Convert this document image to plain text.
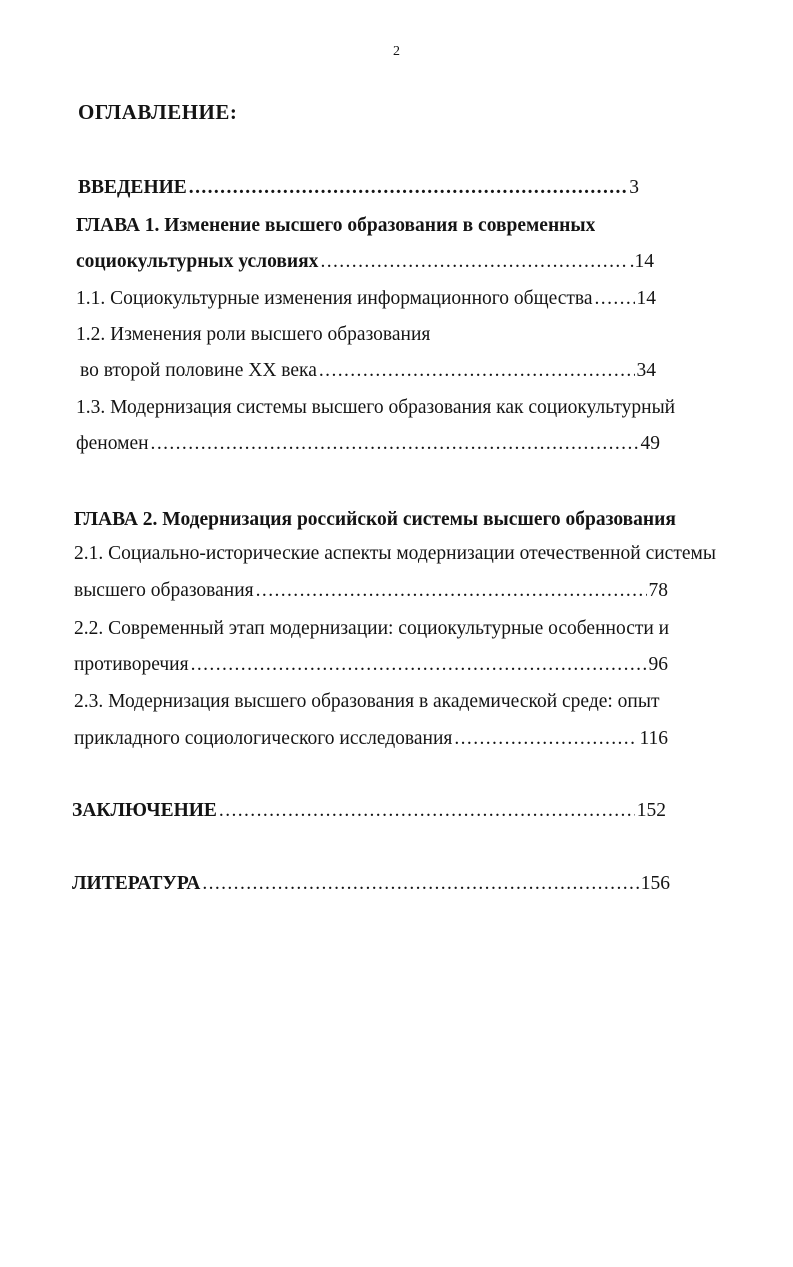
2
ОГЛАВЛЕНИЕ:
ВВЕДЕНИЕ .....	3
ГЛАВА 1. Изменение высшего образования в современных
социокультурных условиях .....	.14
1.1. Социокультурные изменения информационного общества ..... 14
1.2. Изменения роли высшего образования
во второй половине XX века .....	34
1.3. Модернизация системы высшего образования как социокультурный
феномен .....	49
ГЛАВА 2. Модернизация российской системы высшего образования
2.1. Социально-исторические аспекты модернизации отечественной системы
высшего образования .....	78
2.2. Современный этап модернизации: социокультурные особенности и
противоречия .....	96
2.3. Модернизация высшего образования в академической среде: опыт
прикладного социологического исследования .....	116
ЗАКЛЮЧЕНИЕ .....	152
ЛИТЕРАТУРА .....	156
